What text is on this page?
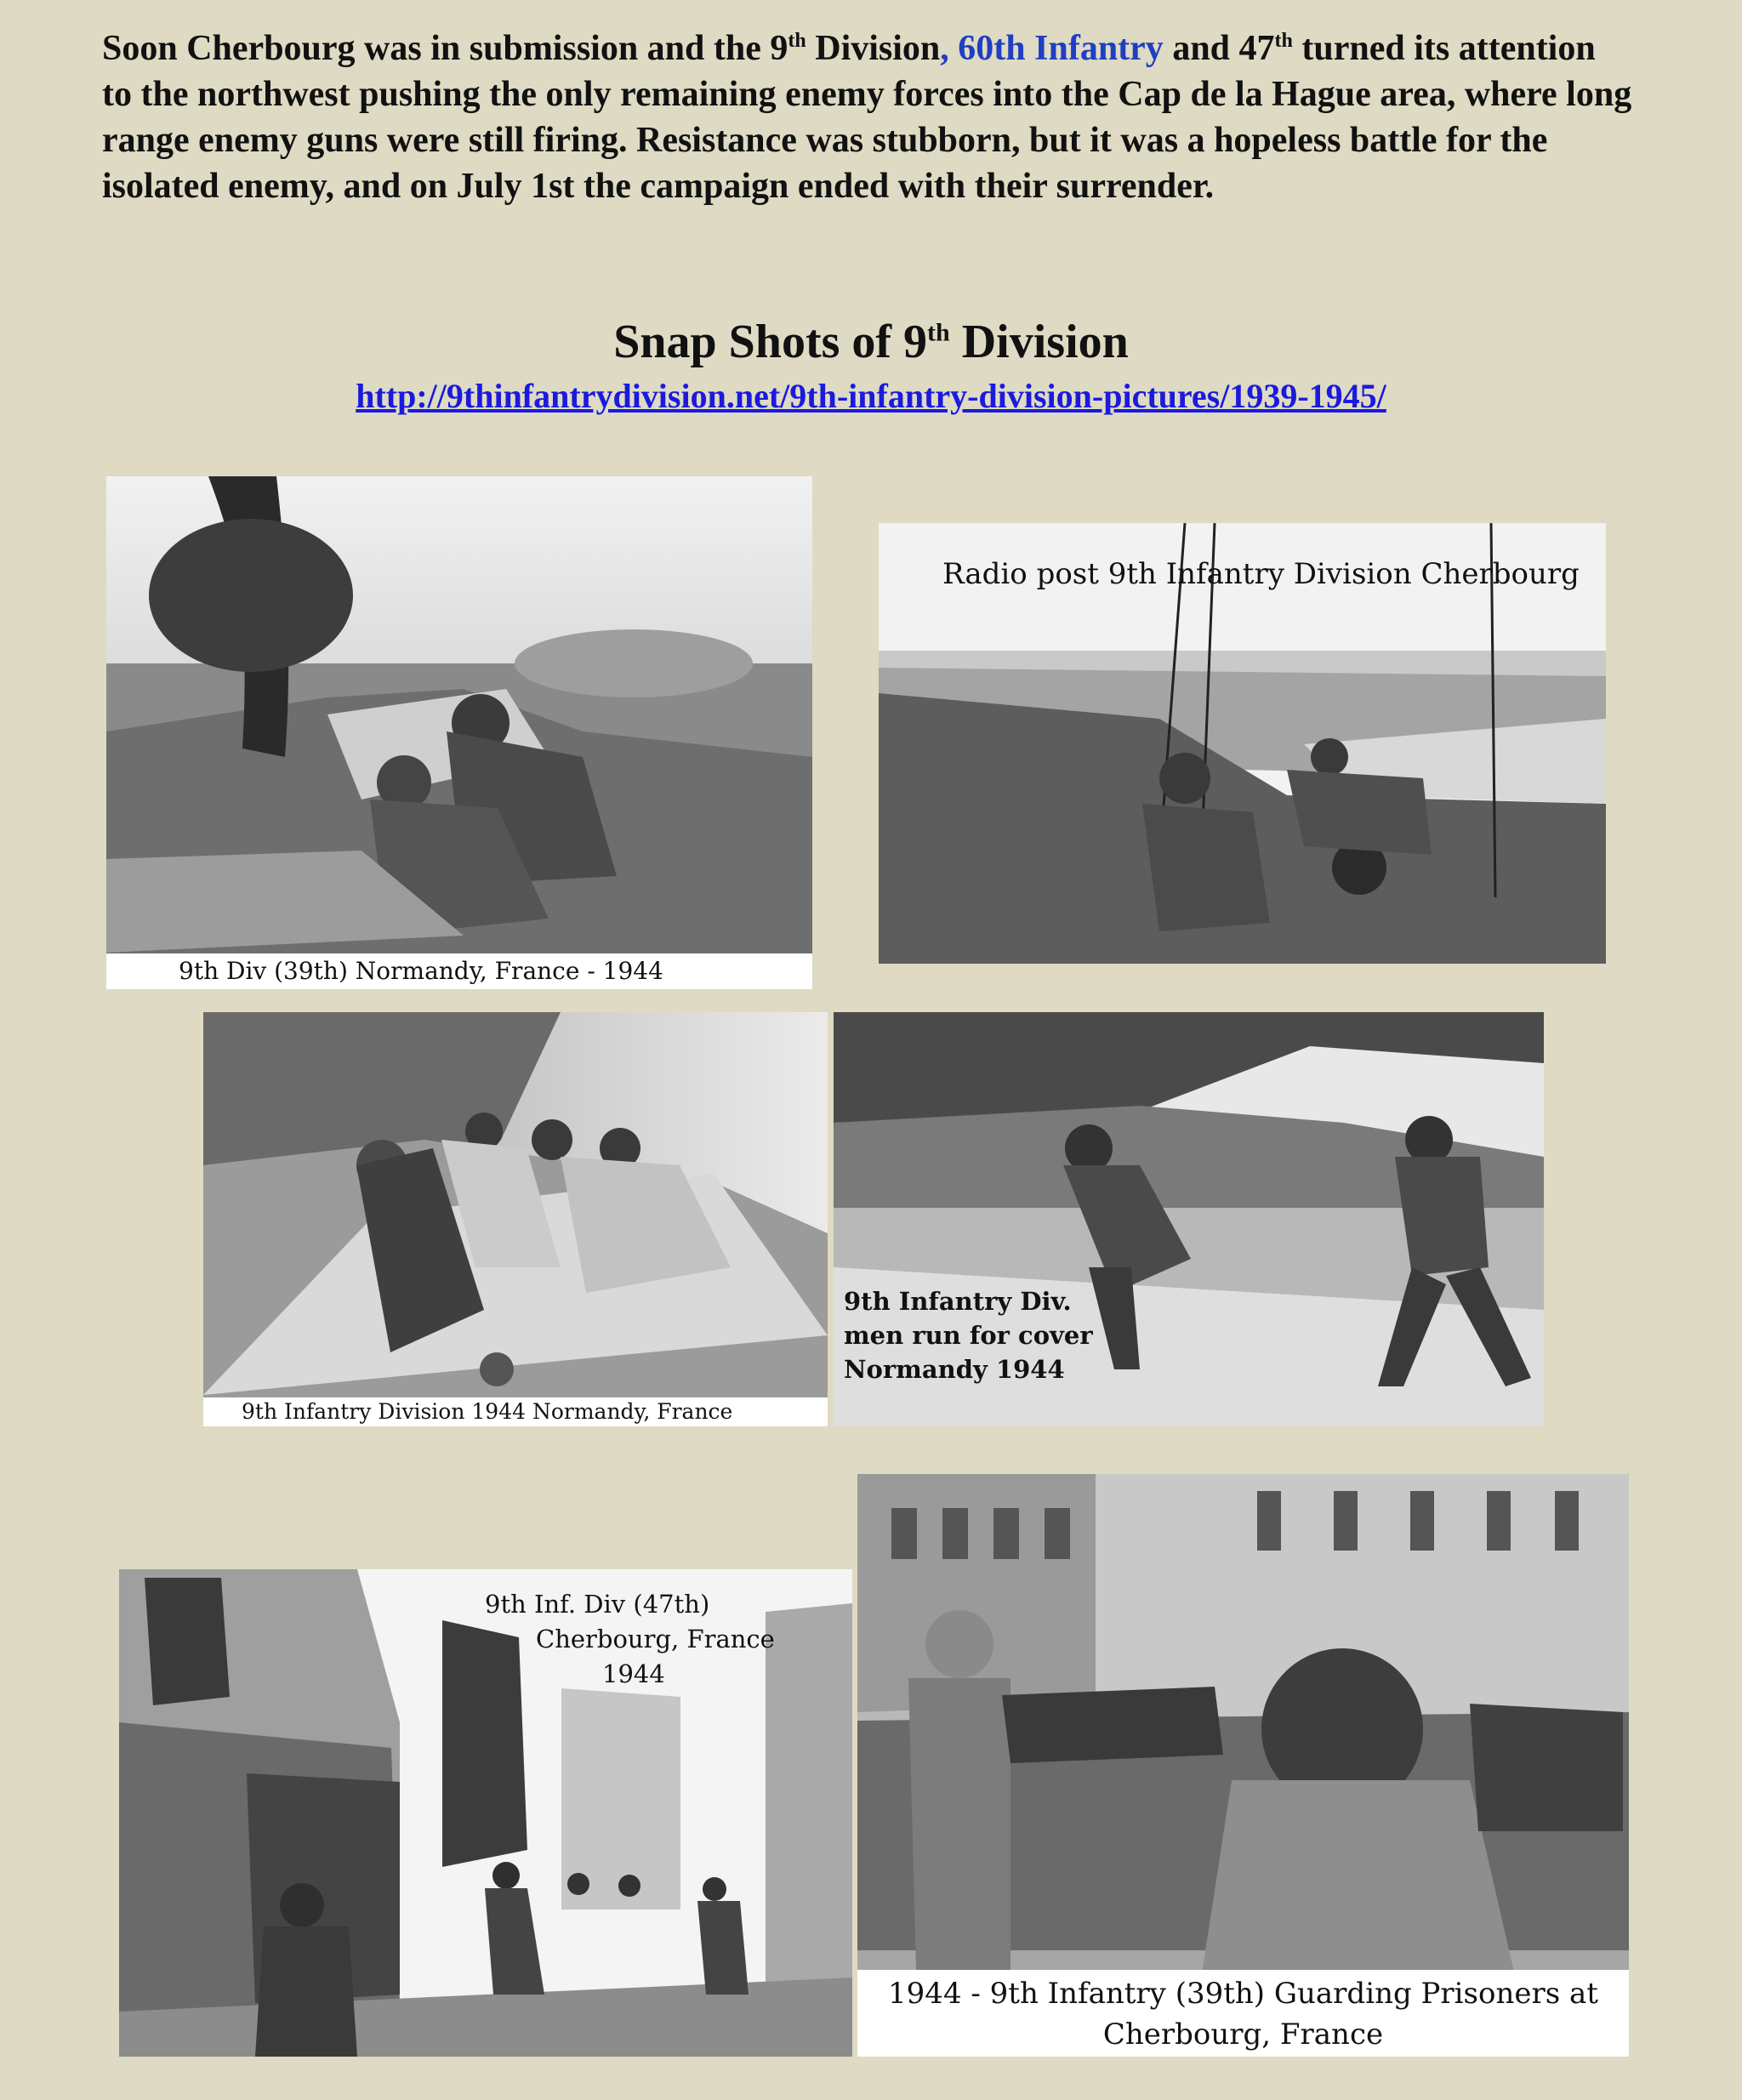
Soon Cherbourg was in submission and the 9th Division, 60th Infantry and 47th turned its attention to the northwest pushing the only remaining enemy forces into the Cap de la Hague area, where long range enemy guns were still firing. Resistance was stubborn, but it was a hopeless battle for the isolated enemy, and on July 1st the campaign ended with their surrender.
Snap Shots of 9th Division
http://9thinfantrydivision.net/9th-infantry-division-pictures/1939-1945/
9th Div (39th) Normandy, France - 1944
Radio post 9th Infantry Division Cherbourg
9th Infantry Division 1944 Normandy, France
9th Infantry Div.
men run for cover
Normandy 1944
9th Inf. Div (47th)
Cherbourg, France
1944
1944 - 9th Infantry (39th) Guarding Prisoners at
Cherbourg, France
